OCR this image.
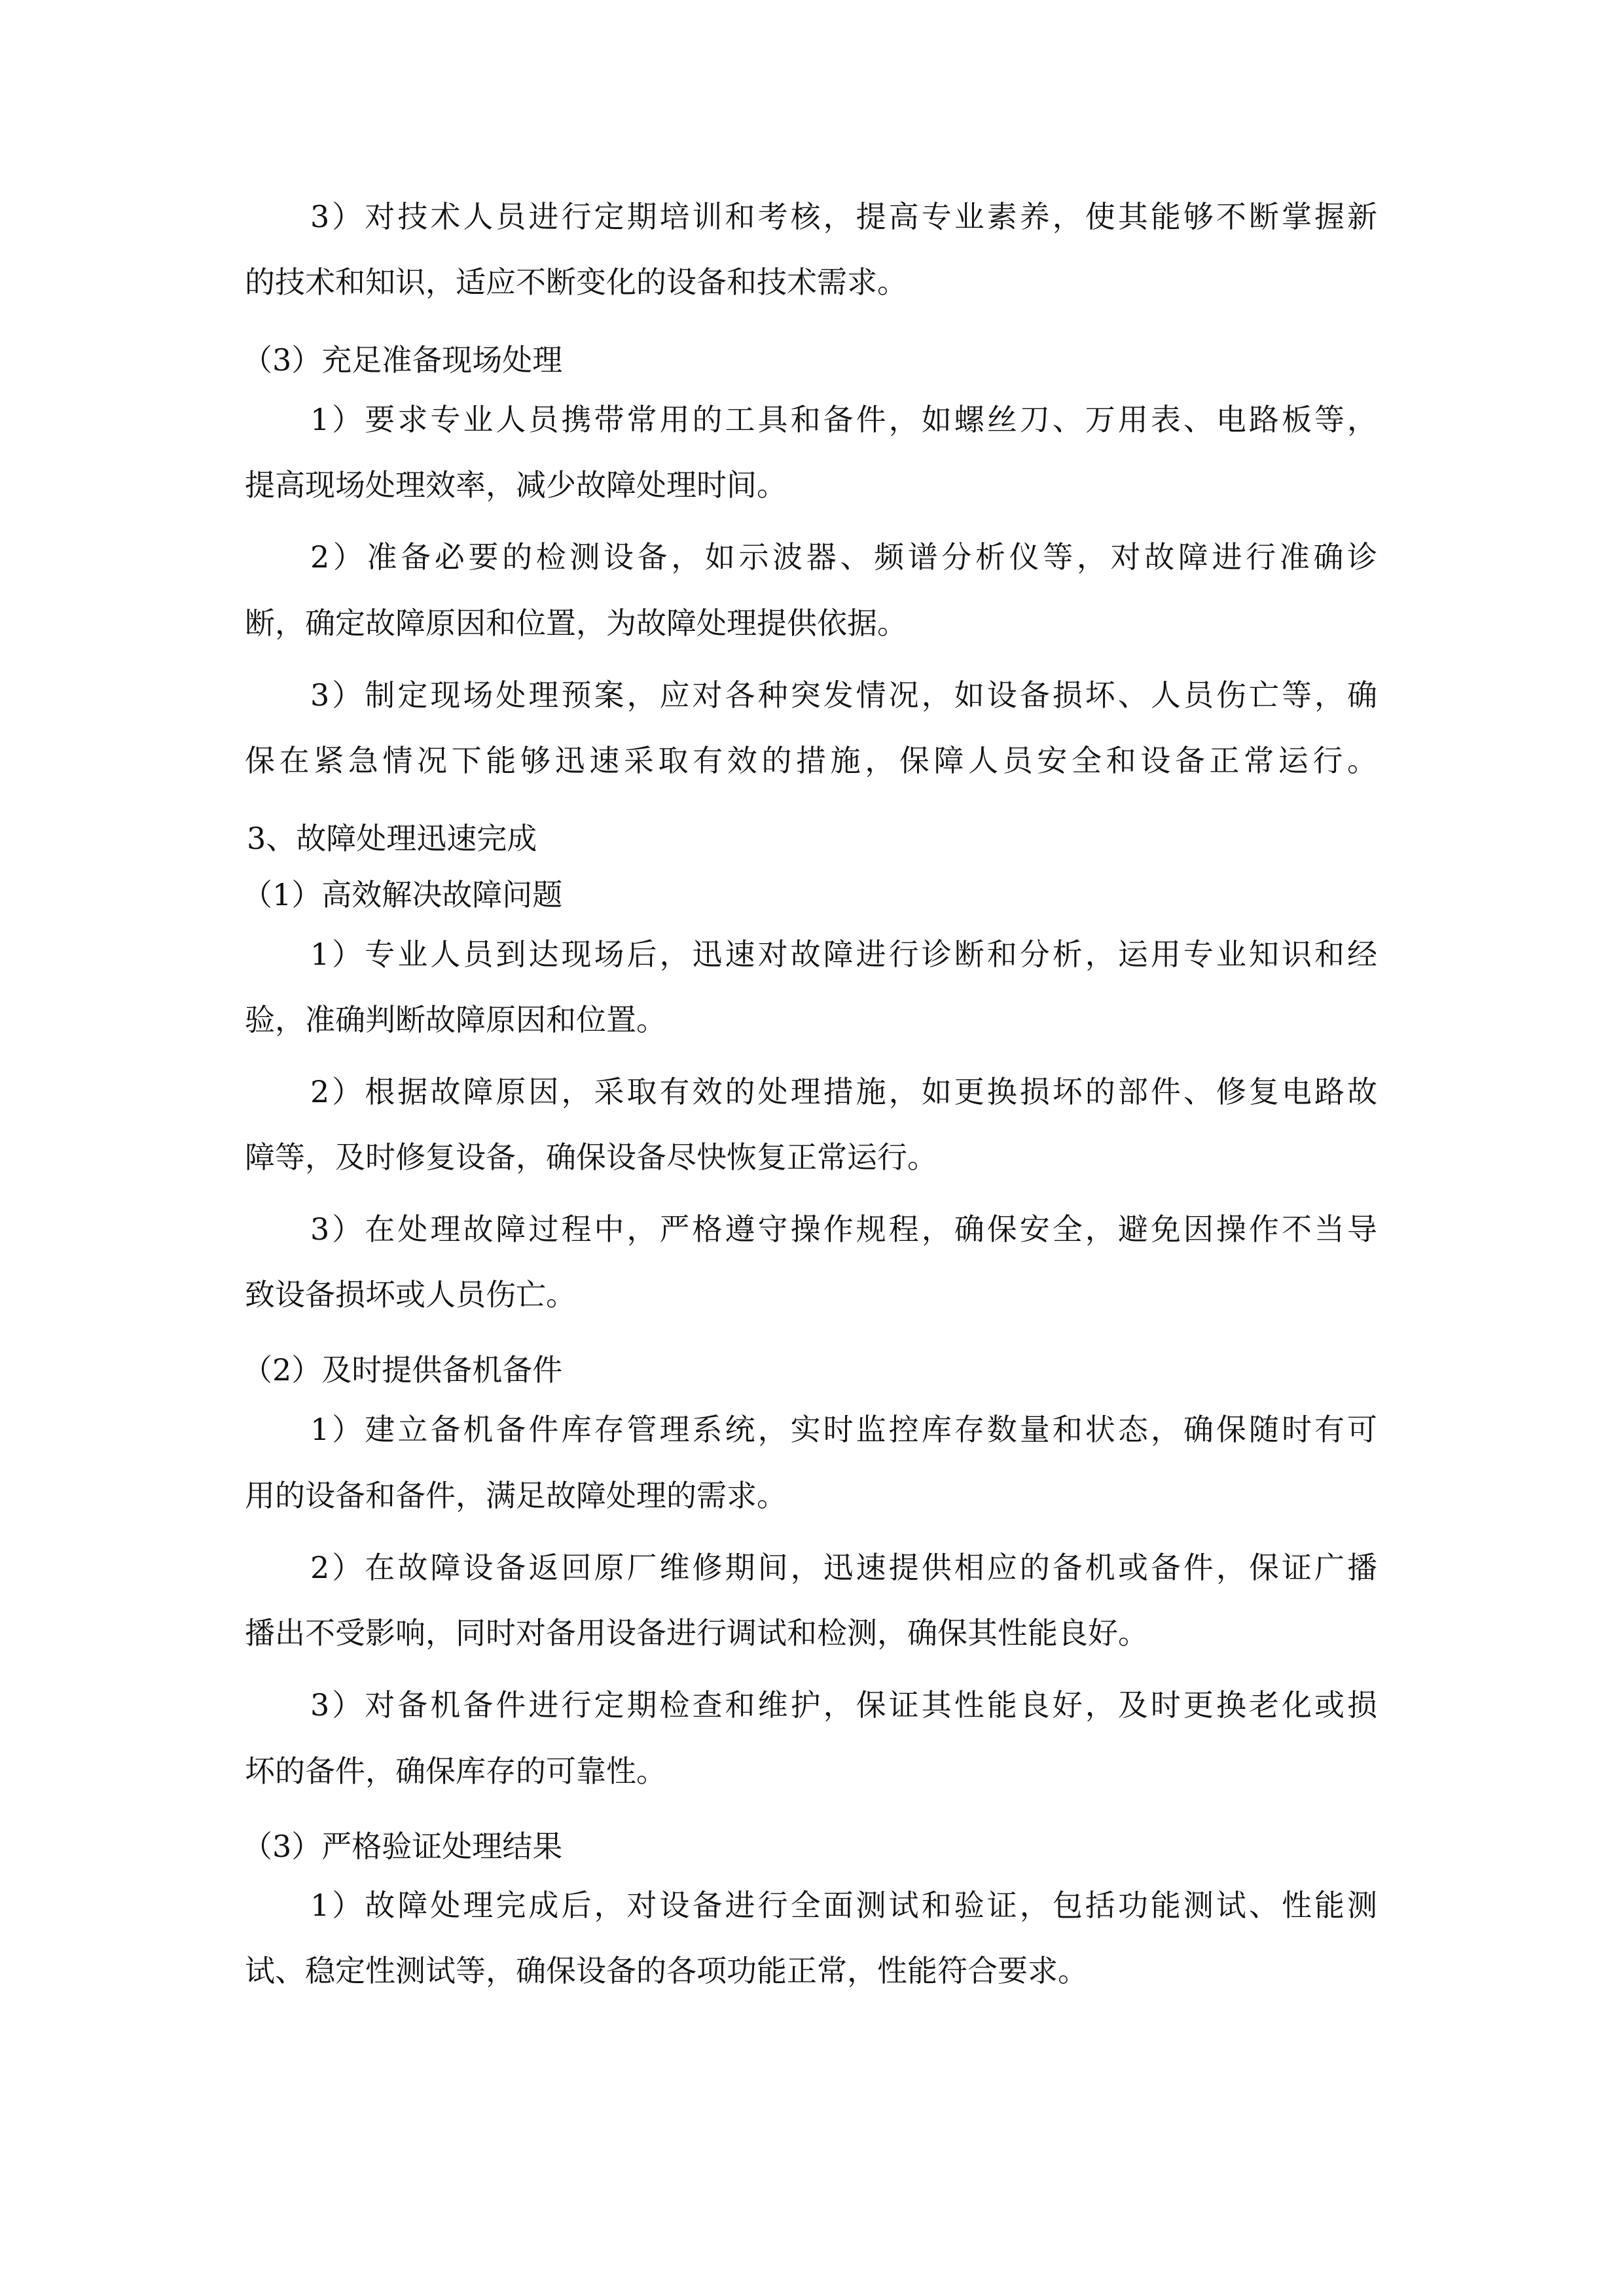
3）对技术人员进行定期培训和考核，提高专业素养，使其能够不断掌握新
的技术和知识，适应不断变化的设备和技术需求。
（3）充足准备现场处理
1）要求专业人员携带常用的工具和备件，如螺丝刀、万用表、电路板等，
提高现场处理效率，减少故障处理时间。
2）准备必要的检测设备，如示波器、频谱分析仪等，对故障进行准确诊
断，确定故障原因和位置，为故障处理提供依据。
3）制定现场处理预案，应对各种突发情况，如设备损坏、人员伤亡等，确
保在紧急情况下能够迅速采取有效的措施，保障人员安全和设备正常运行。
3、故障处理迅速完成
（1）高效解决故障问题
1）专业人员到达现场后，迅速对故障进行诊断和分析，运用专业知识和经
验，准确判断故障原因和位置。
2）根据故障原因，采取有效的处理措施，如更换损坏的部件、修复电路故
障等，及时修复设备，确保设备尽快恢复正常运行。
3）在处理故障过程中，严格遵守操作规程，确保安全，避免因操作不当导
致设备损坏或人员伤亡。
（2）及时提供备机备件
1）建立备机备件库存管理系统，实时监控库存数量和状态，确保随时有可
用的设备和备件，满足故障处理的需求。
2）在故障设备返回原厂维修期间，迅速提供相应的备机或备件，保证广播
播出不受影响，同时对备用设备进行调试和检测，确保其性能良好。
3）对备机备件进行定期检查和维护，保证其性能良好，及时更换老化或损
坏的备件，确保库存的可靠性。
（3）严格验证处理结果
1）故障处理完成后，对设备进行全面测试和验证，包括功能测试、性能测
试、稳定性测试等，确保设备的各项功能正常，性能符合要求。
